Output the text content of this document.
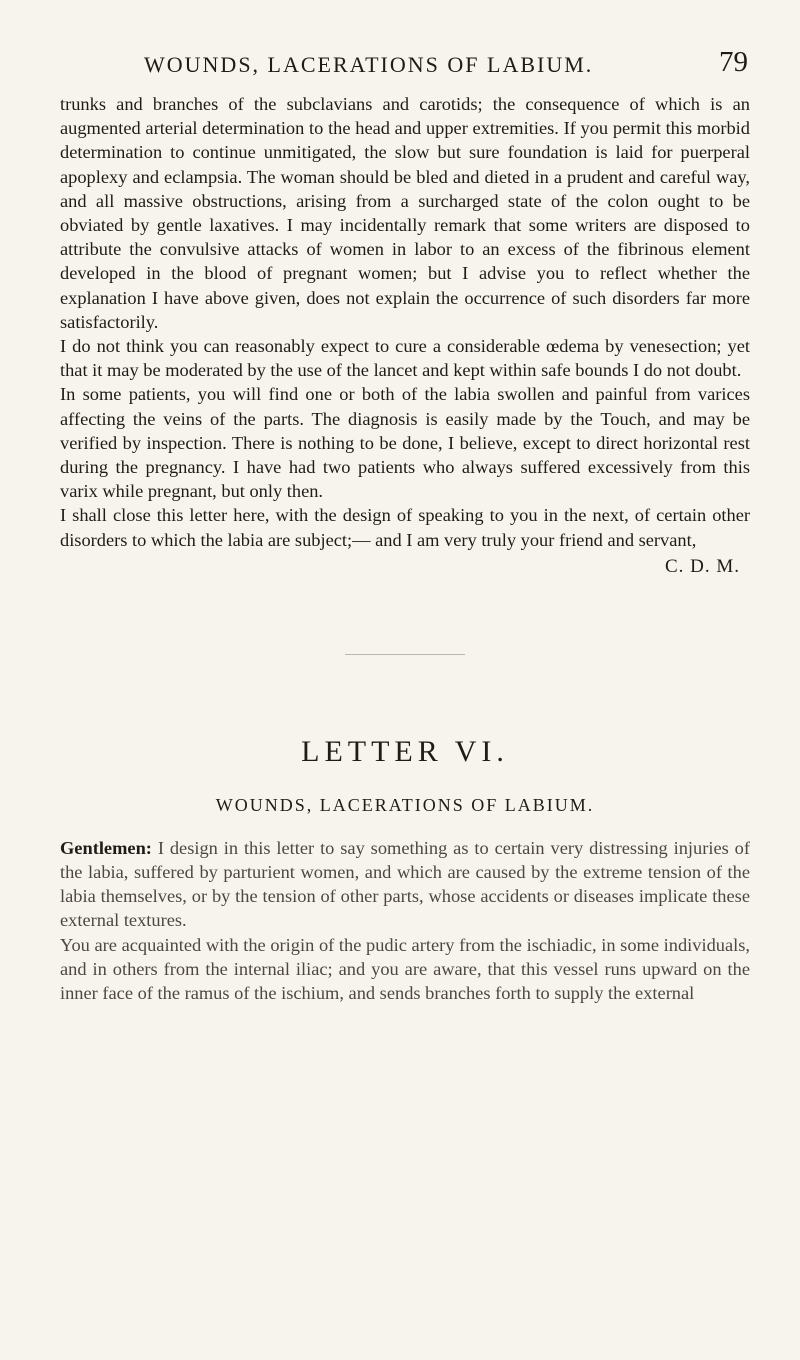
WOUNDS, LACERATIONS OF LABIUM.	79

trunks and branches of the subclavians and carotids; the consequence of which is an augmented arterial determination to the head and upper extremities. If you permit this morbid determination to continue unmitigated, the slow but sure foundation is laid for puerperal apoplexy and eclampsia. The woman should be bled and dieted in a prudent and careful way, and all massive obstructions, arising from a surcharged state of the colon ought to be obviated by gentle laxatives. I may incidentally remark that some writers are disposed to attribute the convulsive attacks of women in labor to an excess of the fibrinous element developed in the blood of pregnant women; but I advise you to reflect whether the explanation I have above given, does not explain the occurrence of such disorders far more satisfactorily.

I do not think you can reasonably expect to cure a considerable œdema by venesection; yet that it may be moderated by the use of the lancet and kept within safe bounds I do not doubt.

In some patients, you will find one or both of the labia swollen and painful from varices affecting the veins of the parts. The diagnosis is easily made by the Touch, and may be verified by inspection. There is nothing to be done, I believe, except to direct horizontal rest during the pregnancy. I have had two patients who always suffered excessively from this varix while pregnant, but only then.

I shall close this letter here, with the design of speaking to you in the next, of certain other disorders to which the labia are subject;— and I am very truly your friend and servant,

C. D. M.
LETTER VI.
WOUNDS, LACERATIONS OF LABIUM.

Gentlemen: I design in this letter to say something as to certain very distressing injuries of the labia, suffered by parturient women, and which are caused by the extreme tension of the labia themselves, or by the tension of other parts, whose accidents or diseases implicate these external textures.

You are acquainted with the origin of the pudic artery from the ischiadic, in some individuals, and in others from the internal iliac; and you are aware, that this vessel runs upward on the inner face of the ramus of the ischium, and sends branches forth to supply the external
